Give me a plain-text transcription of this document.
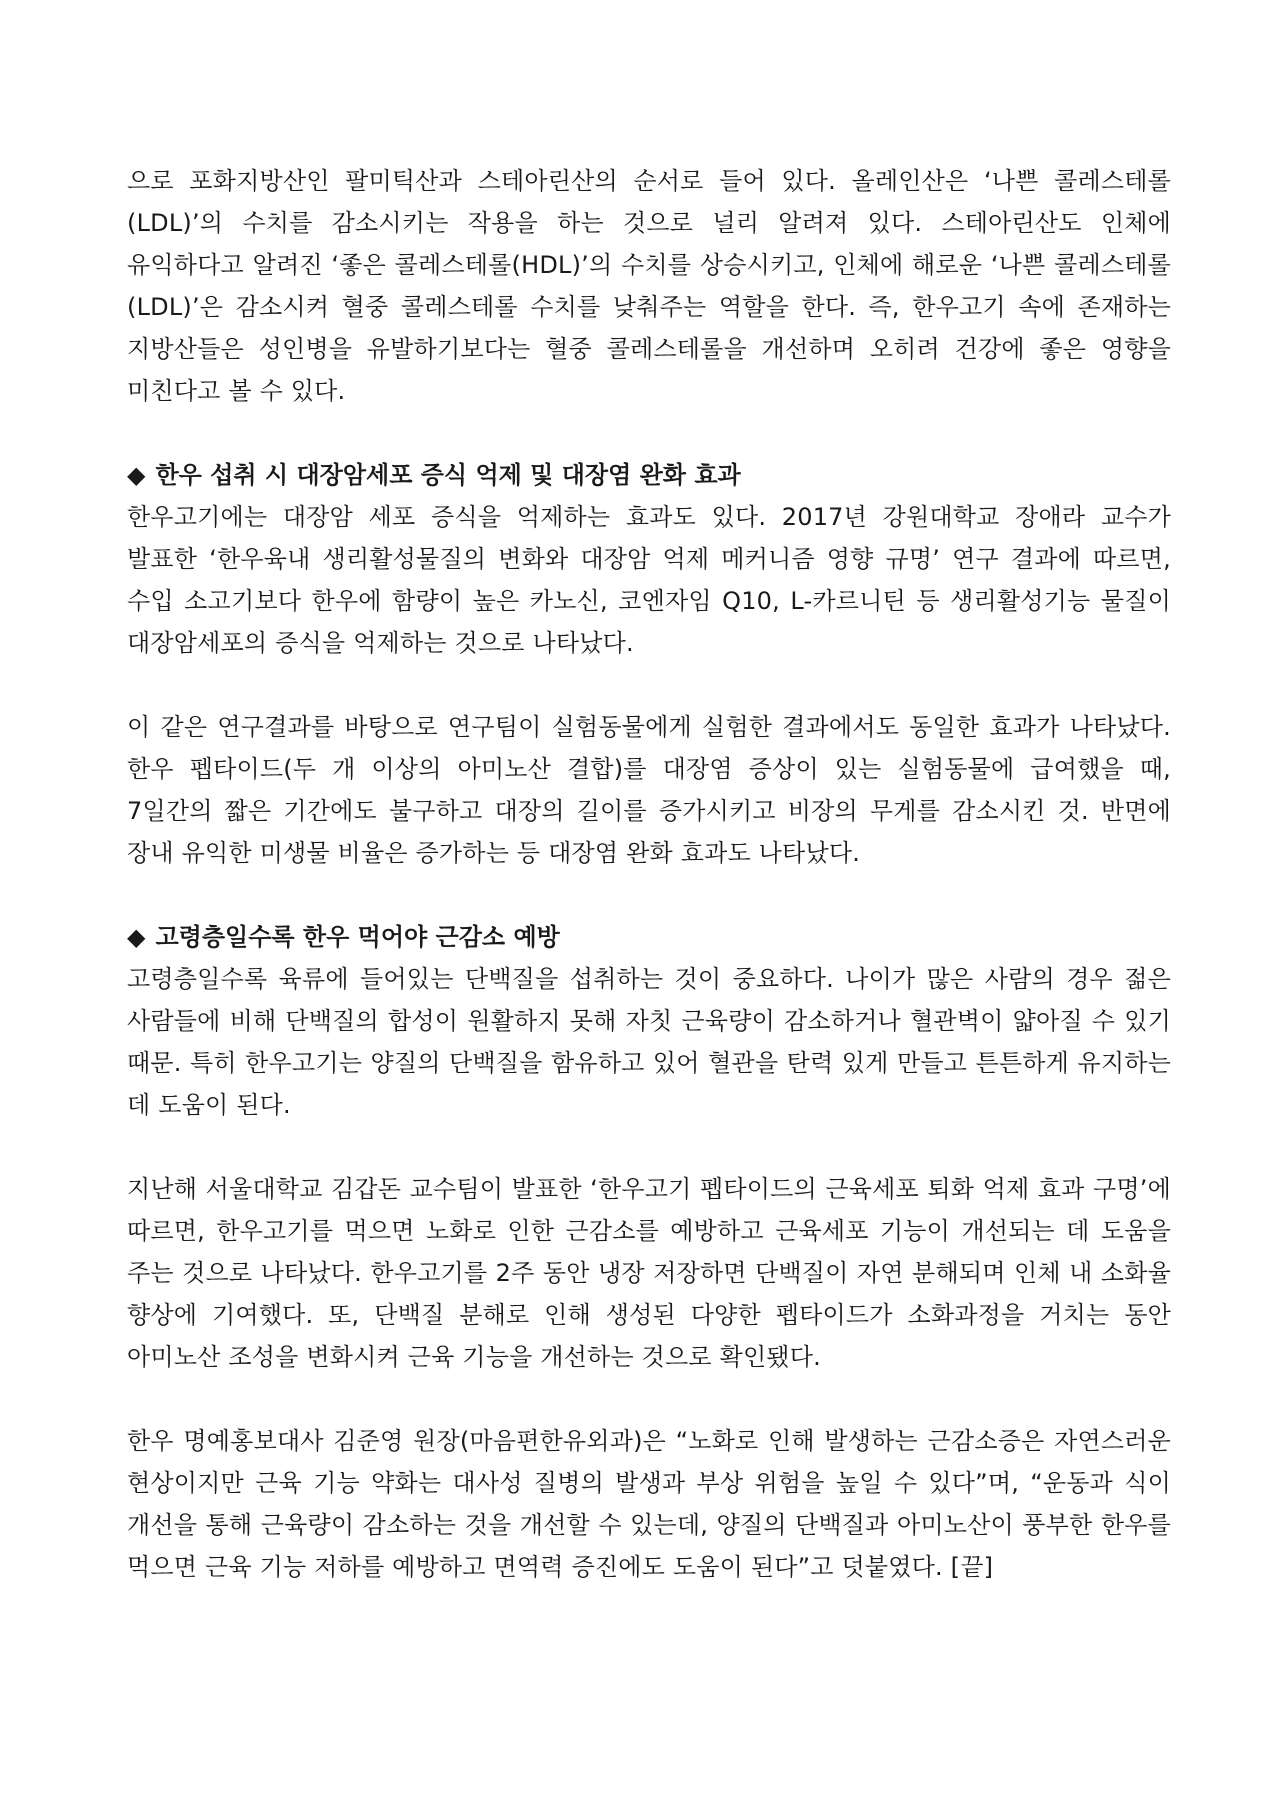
으로 포화지방산인 팔미틱산과 스테아린산의 순서로 들어 있다. 올레인산은 ‘나쁜 콜레스테롤(LDL)’의 수치를 감소시키는 작용을 하는 것으로 널리 알려져 있다. 스테아린산도 인체에 유익하다고 알려진 ‘좋은 콜레스테롤(HDL)’의 수치를 상승시키고, 인체에 해로운 ‘나쁜 콜레스테롤(LDL)’은 감소시켜 혈중 콜레스테롤 수치를 낮춰주는 역할을 한다. 즉, 한우고기 속에 존재하는 지방산들은 성인병을 유발하기보다는 혈중 콜레스테롤을 개선하며 오히려 건강에 좋은 영향을 미친다고 볼 수 있다.

◆ 한우 섭취 시 대장암세포 증식 억제 및 대장염 완화 효과

한우고기에는 대장암 세포 증식을 억제하는 효과도 있다. 2017년 강원대학교 장애라 교수가 발표한 ‘한우육내 생리활성물질의 변화와 대장암 억제 메커니즘 영향 규명’ 연구 결과에 따르면, 수입 소고기보다 한우에 함량이 높은 카노신, 코엔자임 Q10, L-카르니틴 등 생리활성기능 물질이 대장암세포의 증식을 억제하는 것으로 나타났다.

이 같은 연구결과를 바탕으로 연구팀이 실험동물에게 실험한 결과에서도 동일한 효과가 나타났다. 한우 펩타이드(두 개 이상의 아미노산 결합)를 대장염 증상이 있는 실험동물에 급여했을 때, 7일간의 짧은 기간에도 불구하고 대장의 길이를 증가시키고 비장의 무게를 감소시킨 것. 반면에 장내 유익한 미생물 비율은 증가하는 등 대장염 완화 효과도 나타났다.

◆ 고령층일수록 한우 먹어야 근감소 예방

고령층일수록 육류에 들어있는 단백질을 섭취하는 것이 중요하다. 나이가 많은 사람의 경우 젊은 사람들에 비해 단백질의 합성이 원활하지 못해 자칫 근육량이 감소하거나 혈관벽이 얇아질 수 있기 때문. 특히 한우고기는 양질의 단백질을 함유하고 있어 혈관을 탄력 있게 만들고 튼튼하게 유지하는 데 도움이 된다.

지난해 서울대학교 김갑돈 교수팀이 발표한 ‘한우고기 펩타이드의 근육세포 퇴화 억제 효과 구명’에 따르면, 한우고기를 먹으면 노화로 인한 근감소를 예방하고 근육세포 기능이 개선되는 데 도움을 주는 것으로 나타났다. 한우고기를 2주 동안 냉장 저장하면 단백질이 자연 분해되며 인체 내 소화율 향상에 기여했다. 또, 단백질 분해로 인해 생성된 다양한 펩타이드가 소화과정을 거치는 동안 아미노산 조성을 변화시켜 근육 기능을 개선하는 것으로 확인됐다.

한우 명예홍보대사 김준영 원장(마음편한유외과)은 “노화로 인해 발생하는 근감소증은 자연스러운 현상이지만 근육 기능 약화는 대사성 질병의 발생과 부상 위험을 높일 수 있다”며, “운동과 식이 개선을 통해 근육량이 감소하는 것을 개선할 수 있는데, 양질의 단백질과 아미노산이 풍부한 한우를 먹으면 근육 기능 저하를 예방하고 면역력 증진에도 도움이 된다”고 덧붙였다. [끝]
